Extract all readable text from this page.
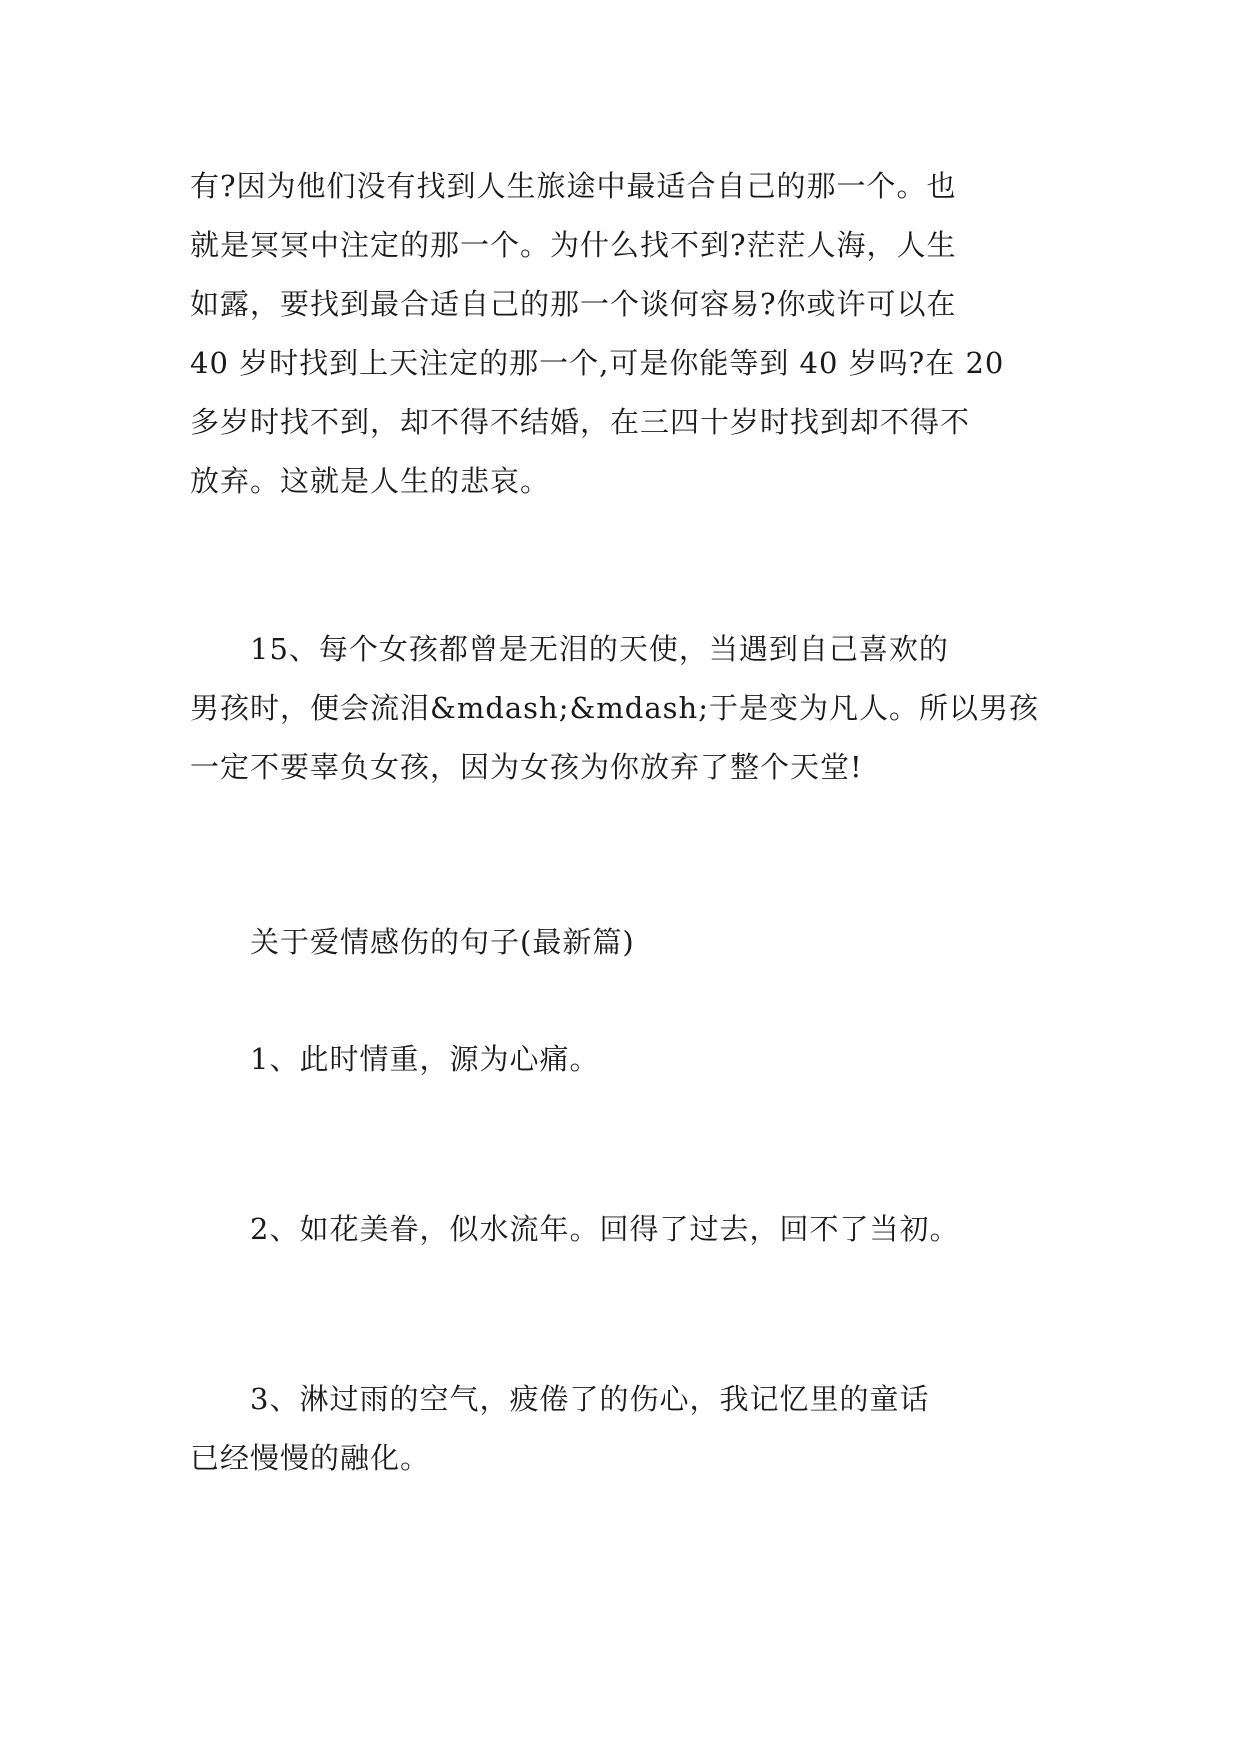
有?因为他们没有找到人生旅途中最适合自己的那一个。也
就是冥冥中注定的那一个。为什么找不到?茫茫人海，人生
如露，要找到最合适自己的那一个谈何容易?你或许可以在
40 岁时找到上天注定的那一个,可是你能等到 40 岁吗?在 20
多岁时找不到，却不得不结婚，在三四十岁时找到却不得不
放弃。这就是人生的悲哀。
　　15、每个女孩都曾是无泪的天使，当遇到自己喜欢的
男孩时，便会流泪&mdash;&mdash;于是变为凡人。所以男孩
一定不要辜负女孩，因为女孩为你放弃了整个天堂!
　　关于爱情感伤的句子(最新篇)
　　1、此时情重，源为心痛。
　　2、如花美眷，似水流年。回得了过去，回不了当初。
　　3、淋过雨的空气，疲倦了的伤心，我记忆里的童话
已经慢慢的融化。
